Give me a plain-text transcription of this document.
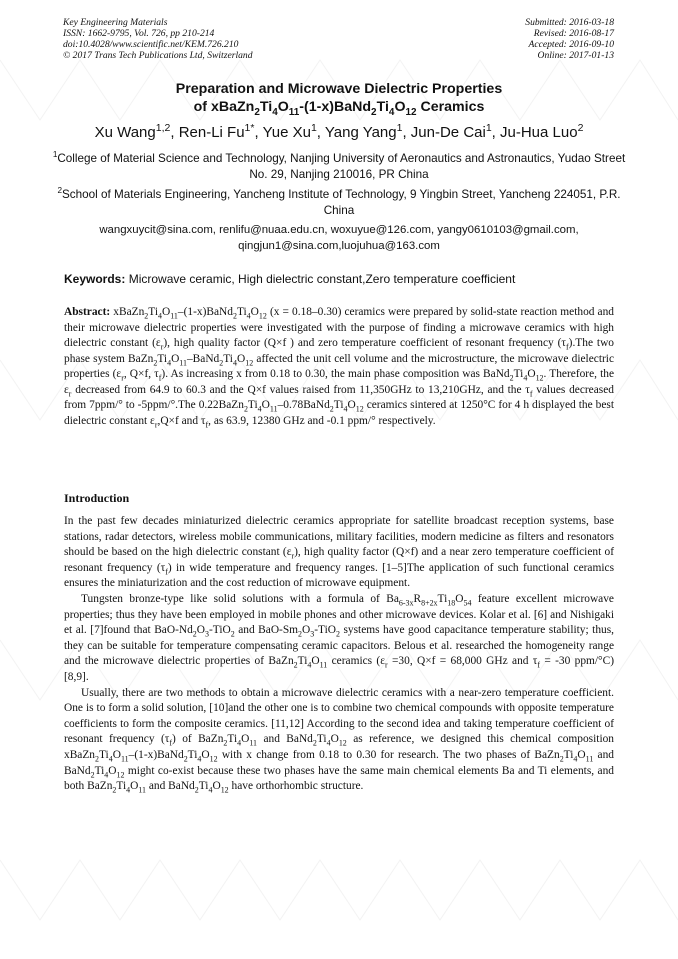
Key Engineering Materials
ISSN: 1662-9795, Vol. 726, pp 210-214
doi:10.4028/www.scientific.net/KEM.726.210
© 2017 Trans Tech Publications Ltd, Switzerland
Submitted: 2016-03-18
Revised: 2016-08-17
Accepted: 2016-09-10
Online: 2017-01-13
Preparation and Microwave Dielectric Properties
of $xBaZn_2Ti_4O_{11}-(1-x)BaNd_2Ti_4O_{12}$ Ceramics
Xu Wang$^{1,2}$, Ren-Li $Fu^{1*}$, Yue Xu$^1$, Yang Yang$^1$, Jun-De Cai$^1$, Ju-Hua Luo$^2$
$^1$College of Material Science and Technology, Nanjing University of Aeronautics and Astronautics, Yudao Street No. 29, Nanjing 210016, PR China
$^2$School of Materials Engineering, Yancheng Institute of Technology, 9 Yingbin Street, Yancheng 224051, P.R. China
wangxuycit@sina.com, renlifu@nuaa.edu.cn, woxuyue@126.com, yangy0610103@gmail.com, qingjun1@sina.com,luojuhua@163.com
Keywords: Microwave ceramic, High dielectric constant,Zero temperature coefficient
Abstract: $xBaZn_2Ti_4O_{11}-(1-x)BaNd_2Ti_4O_{12}$ (x = 0.18–0.30) ceramics were prepared by solid-state reaction method and their microwave dielectric properties were investigated with the purpose of finding a microwave ceramics with high dielectric constant $(\varepsilon_r)$, high quality factor (Q×f ) and zero temperature coefficient of resonant frequency $(\tau_f).The$ two phase system $BaZn_2Ti_4O_{11}-BaNd_2Ti_4O_{12}$ affected the unit cell volume and the microstructure, the microwave dielectric properties ($\varepsilon_r$, Q×f, $\tau_f$). As increasing x from 0.18 to 0.30, the main phase composition was $BaNd_2Ti_4O_{12}$. Therefore, the $\varepsilon_r$ decreased from 64.9 to 60.3 and the Q×f values raised from 11,350GHz to 13,210GHz, and the $\tau_f$ values decreased from 7ppm/° to -5ppm/°.The $0.22BaZn_2Ti_4O_{11}-0.78BaNd_2Ti_4O_{12}$ ceramics sintered at 1250°C for 4 h displayed the best dielectric constant $\varepsilon_r,Q\times f$ and $\tau_f$, as 63.9, 12380 GHz and -0.1 ppm/° respectively.
Introduction

In the past few decades miniaturized dielectric ceramics appropriate for satellite broadcast reception systems, base stations, radar detectors, wireless mobile communications, military facilities, modern medicine as filters and resonators should be based on the high dielectric constant $(\varepsilon_r)$, high quality factor (Q×f) and a near zero temperature coefficient of resonant frequency $(\tau_f)$ in wide temperature and frequency ranges. [1–5]The application of such functional ceramics ensures the miniaturization and the cost reduction of microwave equipment.

Tungsten bronze-type like solid solutions with a formula of $Ba_{6-3x}R_{8+2x}Ti_{18}O_{54}$ feature excellent microwave properties; thus they have been employed in mobile phones and other microwave devices. Kolar et al. [6] and Nishigaki et al. [7]found that BaO-$Nd_2O_3-TiO_2$ and BaO-$Sm_2O_3-TiO_2$ systems have good capacitance temperature stability; thus, they can be suitable for temperature compensating ceramic capacitors. Belous et al. researched the homogeneity range and the microwave dielectric properties of $BaZn_2Ti_4O_{11}$ ceramics ($\varepsilon_r =30$, Q×f = 68,000 GHz and $\tau_f = -30$ ppm/°C) [8,9].

Usually, there are two methods to obtain a microwave dielectric ceramics with a near-zero temperature coefficient. One is to form a solid solution, [10]and the other one is to combine two chemical compounds with opposite temperature coefficients to form the composite ceramics. [11,12] According to the second idea and taking temperature coefficient of resonant frequency $(\tau_f)$ of $BaZn_2Ti_4O_{11}$ and $BaNd_2Ti_4O_{12}$ as reference, we designed this chemical composition $xBaZn_2Ti_4O_{11}-(1-x)BaNd_2Ti_4O_{12}$ with x change from 0.18 to 0.30 for research. The two phases of $BaZn_2Ti_4O_{11}$ and $BaNd_2Ti_4O_{12}$ might co-exist because these two phases have the same main chemical elements Ba and Ti elements, and both $BaZn_2Ti_4O_{11}$ and $BaNd_2Ti_4O_{12}$ have orthorhombic structure.
